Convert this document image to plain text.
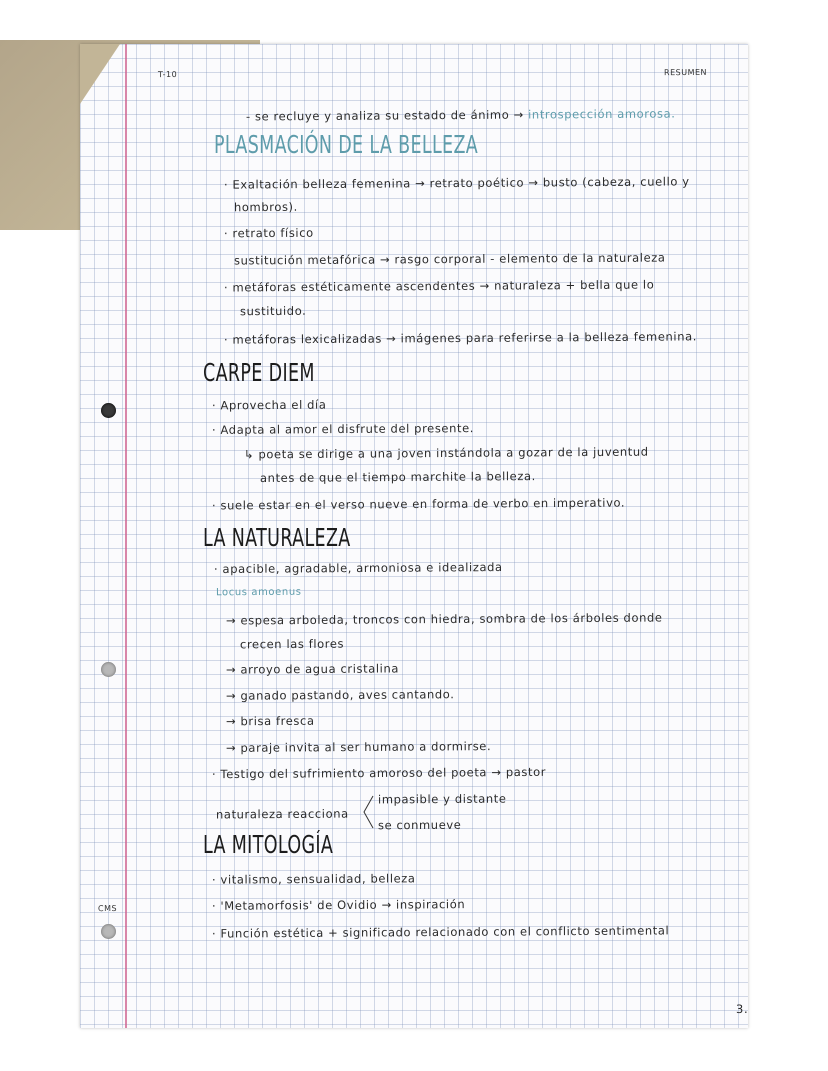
T-10	RESUMEN
3.
CMS
- se recluye y analiza su estado de ánimo → introspección amorosa.
PLASMACIÓN DE LA BELLEZA
· Exaltación belleza femenina → retrato poético → busto (cabeza, cuello y
hombros).
· retrato físico
sustitución metafórica → rasgo corporal - elemento de la naturaleza
· metáforas estéticamente ascendentes → naturaleza + bella que lo
sustituido.
· metáforas lexicalizadas → imágenes para referirse a la belleza femenina.
CARPE DIEM
· Aprovecha el día
· Adapta al amor el disfrute del presente.
↳ poeta se dirige a una joven instándola a gozar de la juventud
antes de que el tiempo marchite la belleza.
· suele estar en el verso nueve en forma de verbo en imperativo.
LA NATURALEZA
· apacible, agradable, armoniosa e idealizada
Locus amoenus
→ espesa arboleda, troncos con hiedra, sombra de los árboles donde
crecen las flores
→ arroyo de agua cristalina
→ ganado pastando, aves cantando.
→ brisa fresca
→ paraje invita al ser humano a dormirse.
· Testigo del sufrimiento amoroso del poeta → pastor
naturaleza reacciona
impasible y distante
se conmueve
LA MITOLOGÍA
· vitalismo, sensualidad, belleza
· 'Metamorfosis' de Ovidio → inspiración
· Función estética + significado relacionado con el conflicto sentimental
